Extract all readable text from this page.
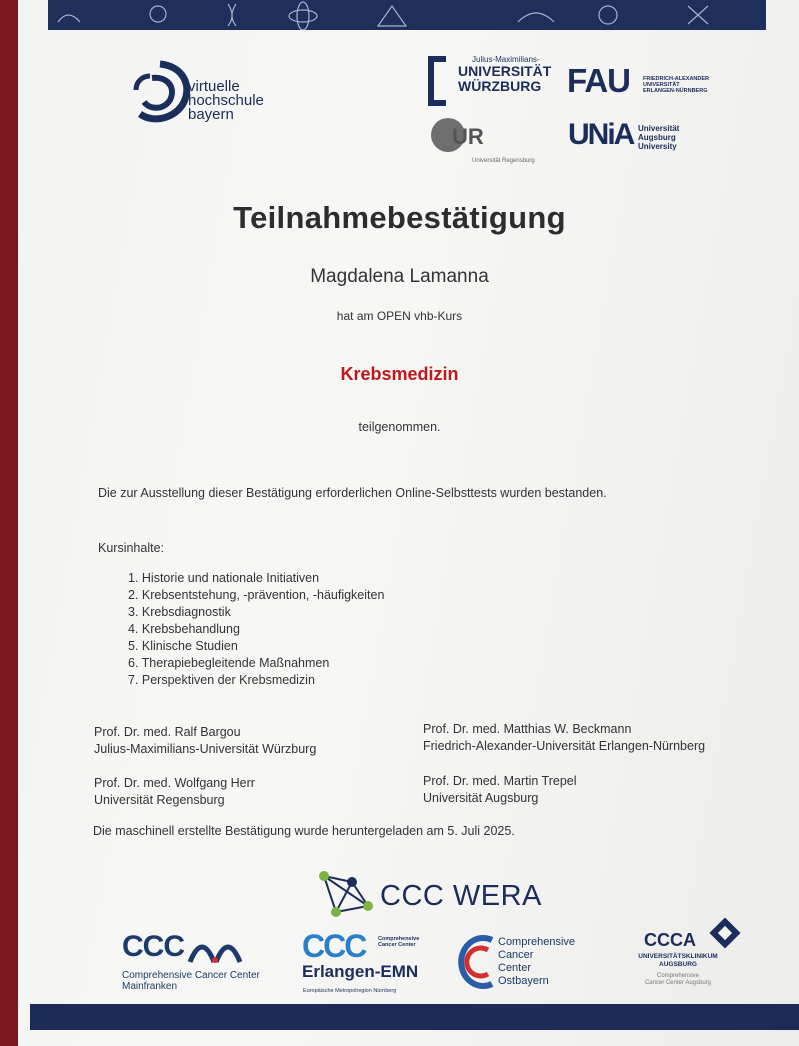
virtuelle
hochschule
bayern
Julius-Maximilians-
UNIVERSITÄT
WÜRZBURG FAU FRIEDRICH-ALEXANDER
UNIVERSITÄT
ERLANGEN-NÜRNBERG
UR
Universität Regensburg
UNiA Universität
Augsburg
University
Teilnahmebestätigung
Magdalena Lamanna
hat am OPEN vhb-Kurs
Krebsmedizin
teilgenommen.
Die zur Ausstellung dieser Bestätigung erforderlichen Online-Selbsttests wurden bestanden.
Kursinhalte:
1. Historie und nationale Initiativen
2. Krebsentstehung, -prävention, -häufigkeiten
3. Krebsdiagnostik
4. Krebsbehandlung
5. Klinische Studien
6. Therapiebegleitende Maßnahmen
7. Perspektiven der Krebsmedizin
Prof. Dr. med. Ralf Bargou
Julius-Maximilians-Universität Würzburg
Prof. Dr. med. Matthias W. Beckmann
Friedrich-Alexander-Universität Erlangen-Nürnberg
Prof. Dr. med. Wolfgang Herr
Universität Regensburg
Prof. Dr. med. Martin Trepel
Universität Augsburg
Die maschinell erstellte Bestätigung wurde heruntergeladen am 5. Juli 2025.
CCC WERA
CCC
Comprehensive Cancer Center
Mainfranken
CCC Comprehensive Cancer Center
Erlangen-EMN
Europäische Metropolregion Nürnberg
Comprehensive
Cancer
Center
Ostbayern
CCCA
UNIVERSITÄTSKLINIKUM
AUGSBURG
Comprehensive
Cancer Center Augsburg
